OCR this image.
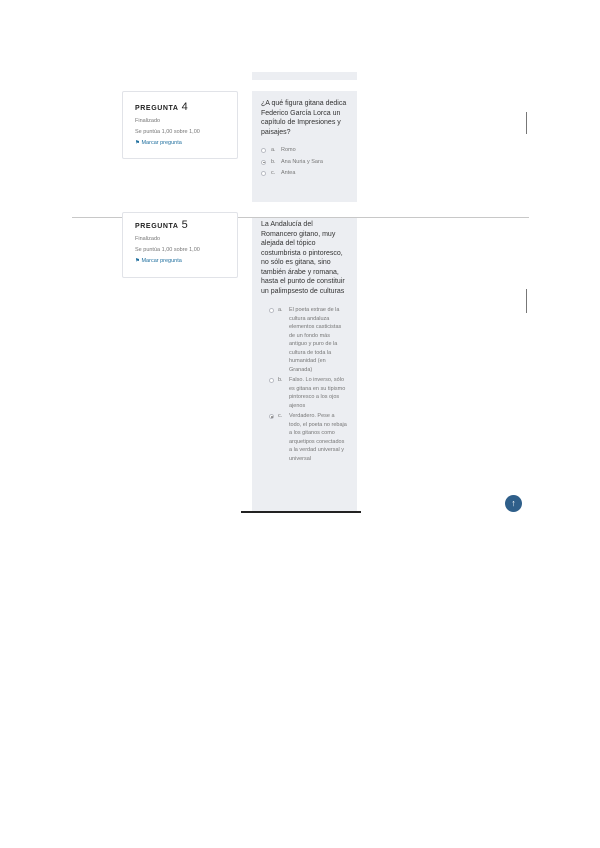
PREGUNTA 4
Finalizado
Se puntúa 1,00 sobre 1,00
⚑ Marcar pregunta
¿A qué figura gitana dedica Federico García Lorca un capítulo de Impresiones y paisajes?
a. Romo
b. Ana Nuria y Sara
c. Antea
PREGUNTA 5
Finalizado
Se puntúa 1,00 sobre 1,00
⚑ Marcar pregunta
La Andalucía del Romancero gitano, muy alejada del tópico costumbrista o pintoresco, no sólo es gitana, sino también árabe y romana, hasta el punto de constituir un palimpsesto de culturas
a. El poeta extrae de la cultura andaluza elementos casticistas de un fondo más antiguo y puro de la cultura de toda la humanidad (en Granada)
b. Falso. Lo inverso, sólo es gitana en su tipismo pintoresco a los ojos ajenos
c. Verdadero. Pese a todo, el poeta no rebaja a los gitanos como arquetipos conectados a la verdad universal y universal
↑
